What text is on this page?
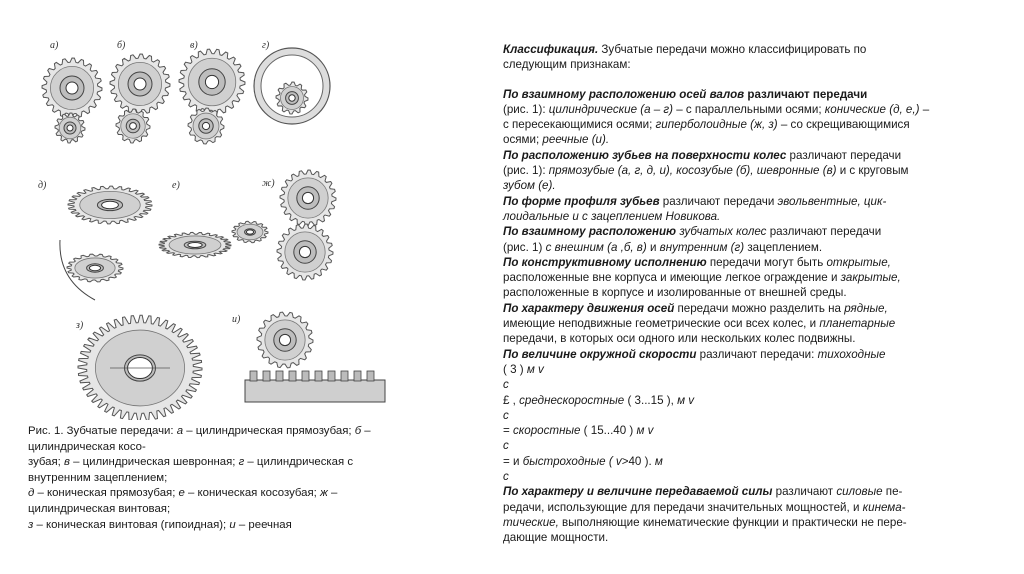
а)	б)	в)	г)
д)	е)	ж)
з)
и)
Рис. 1. Зубчатые передачи: а – цилиндрическая прямозубая; б –
цилиндрическая косо-
зубая; в – цилиндрическая шевронная; г – цилиндрическая с
внутренним зацеплением;
д – коническая прямозубая; е – коническая косозубая; ж –
цилиндрическая винтовая;
з – коническая винтовая (гипоидная); и – реечная
Классификация. Зубчатые передачи можно классифицировать по
следующим признакам:
По взаимному расположению осей валов различают передачи
(рис. 1): цилиндрические (а – г) – с параллельными осями; конические (д, е,) –
с пересекающимися осями; гиперболоидные (ж, з) – со скрещивающимися
осями; реечные (и).
По расположению зубьев на поверхности колес различают передачи
(рис. 1): прямозубые (а, г, д, и), косозубые (б), шевронные (в) и с круговым
зубом (е).
По форме профиля зубьев различают передачи эвольвентные, цик-
лоидальные и с зацеплением Новикова.
По взаимному расположению зубчатых колес различают передачи
(рис. 1) с внешним (а ,б, в) и внутренним (г) зацеплением.
По конструктивному исполнению передачи могут быть открытые,
расположенные вне корпуса и имеющие легкое ограждение и закрытые,
расположенные в корпусе и изолированные от внешней среды.
По характеру движения осей передачи можно разделить на рядные,
имеющие неподвижные геометрические оси всех колес, и планетарные
передачи, в которых оси одного или нескольких колес подвижны.
По величине окружной скорости различают передачи: тихоходные
( 3 ) м v
c
£ , среднескоростные ( 3...15 ), м v
c
= скоростные ( 15...40 ) м v
c
= и быстроходные ( v>40 ). м
c
По характеру и величине передаваемой силы различают силовые пе-
редачи, использующие для передачи значительных мощностей, и кинема-
тические, выполняющие кинематические функции и практически не пере-
дающие мощности.
